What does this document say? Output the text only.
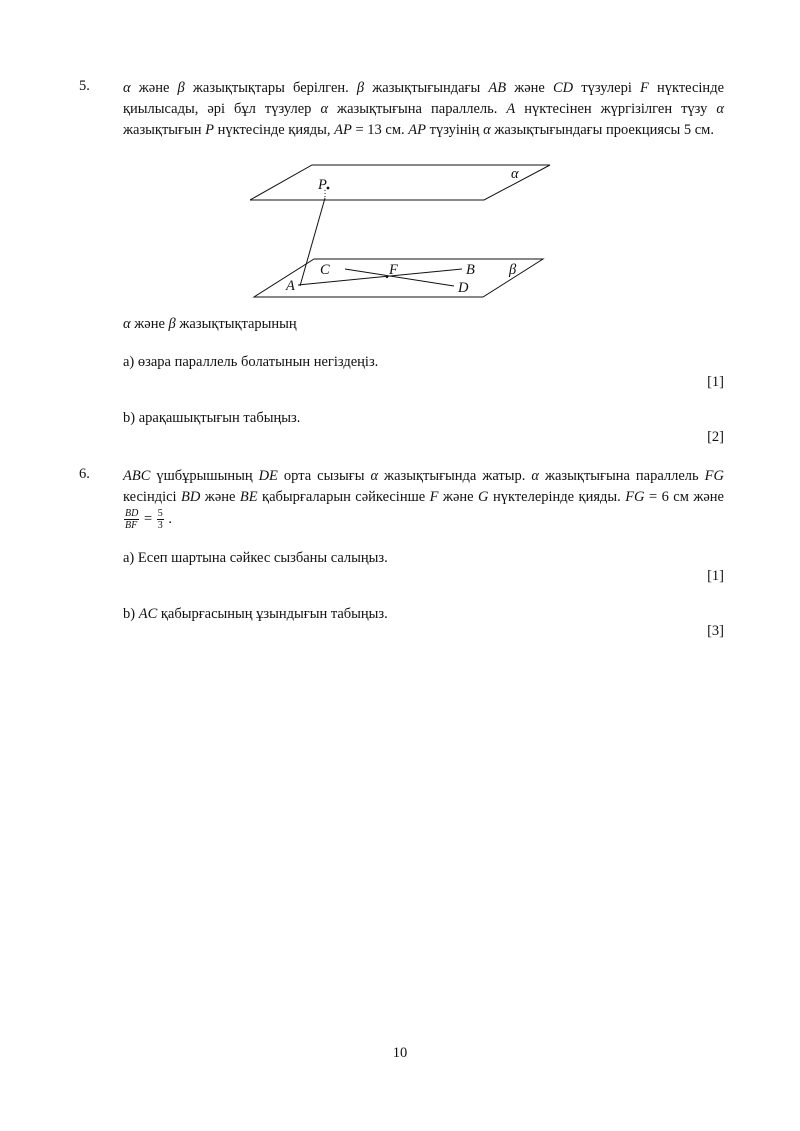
5. α және β жазықтықтары берілген. β жазықтығындағы AB және CD түзулері F нүктесінде қиылысады, әрі бұл түзулер α жазықтығына параллель. A нүктесінен жүргізілген түзу α жазықтығын P нүктесінде қияды, AP = 13 см. AP түзуінің α жазықтығындағы проекциясы 5 см.
α
P
C	F	B β
A	D
α және β жазықтықтарының
a) өзара параллель болатынын негіздеңіз.
[1]
b) арақашықтығын табыңыз.
[2]
6. ABC үшбұрышының DE орта сызығы α жазықтығында жатыр. α жазықтығына параллель FG кесіндісі BD және BE қабырғаларын сәйкесінше F және G нүктелерінде қияды. FG = 6 см және
$\frac{BD}{BF} = \frac{5}{3}$ .
a) Есеп шартына сәйкес сызбаны салыңыз.
[1]
b) AC қабырғасының ұзындығын табыңыз.
[3]
10
